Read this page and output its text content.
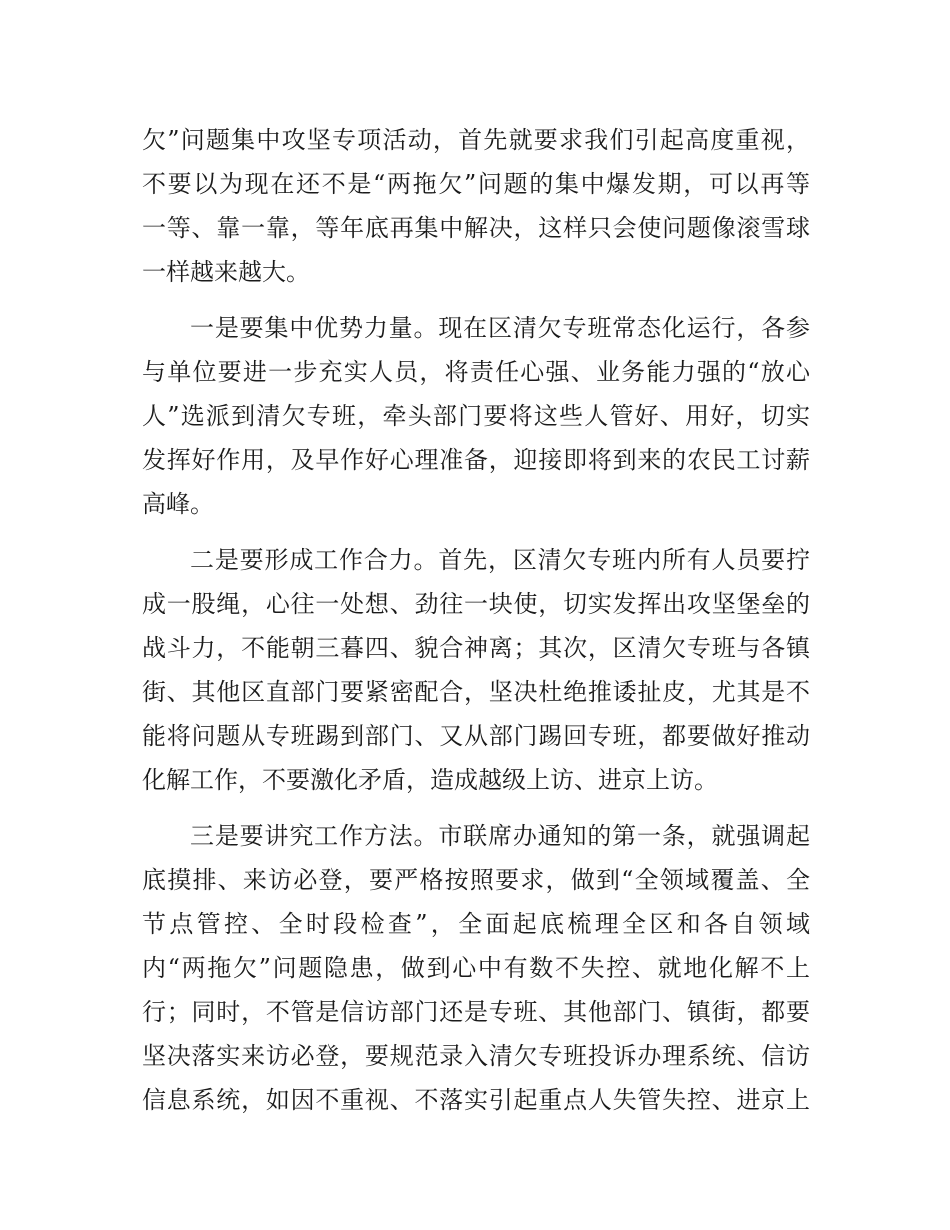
欠”问题集中攻坚专项活动，首先就要求我们引起高度重视，
不要以为现在还不是“两拖欠”问题的集中爆发期，可以再等
一等、靠一靠，等年底再集中解决，这样只会使问题像滚雪球
一样越来越大。
一是要集中优势力量。现在区清欠专班常态化运行，各参
与单位要进一步充实人员，将责任心强、业务能力强的“放心
人”选派到清欠专班，牵头部门要将这些人管好、用好，切实
发挥好作用，及早作好心理准备，迎接即将到来的农民工讨薪
高峰。
二是要形成工作合力。首先，区清欠专班内所有人员要拧
成一股绳，心往一处想、劲往一块使，切实发挥出攻坚堡垒的
战斗力，不能朝三暮四、貌合神离；其次，区清欠专班与各镇
街、其他区直部门要紧密配合，坚决杜绝推诿扯皮，尤其是不
能将问题从专班踢到部门、又从部门踢回专班，都要做好推动
化解工作，不要激化矛盾，造成越级上访、进京上访。
三是要讲究工作方法。市联席办通知的第一条，就强调起
底摸排、来访必登，要严格按照要求，做到“全领域覆盖、全
节点管控、全时段检查”，全面起底梳理全区和各自领域
内“两拖欠”问题隐患，做到心中有数不失控、就地化解不上
行；同时，不管是信访部门还是专班、其他部门、镇街，都要
坚决落实来访必登，要规范录入清欠专班投诉办理系统、信访
信息系统，如因不重视、不落实引起重点人失管失控、进京上
